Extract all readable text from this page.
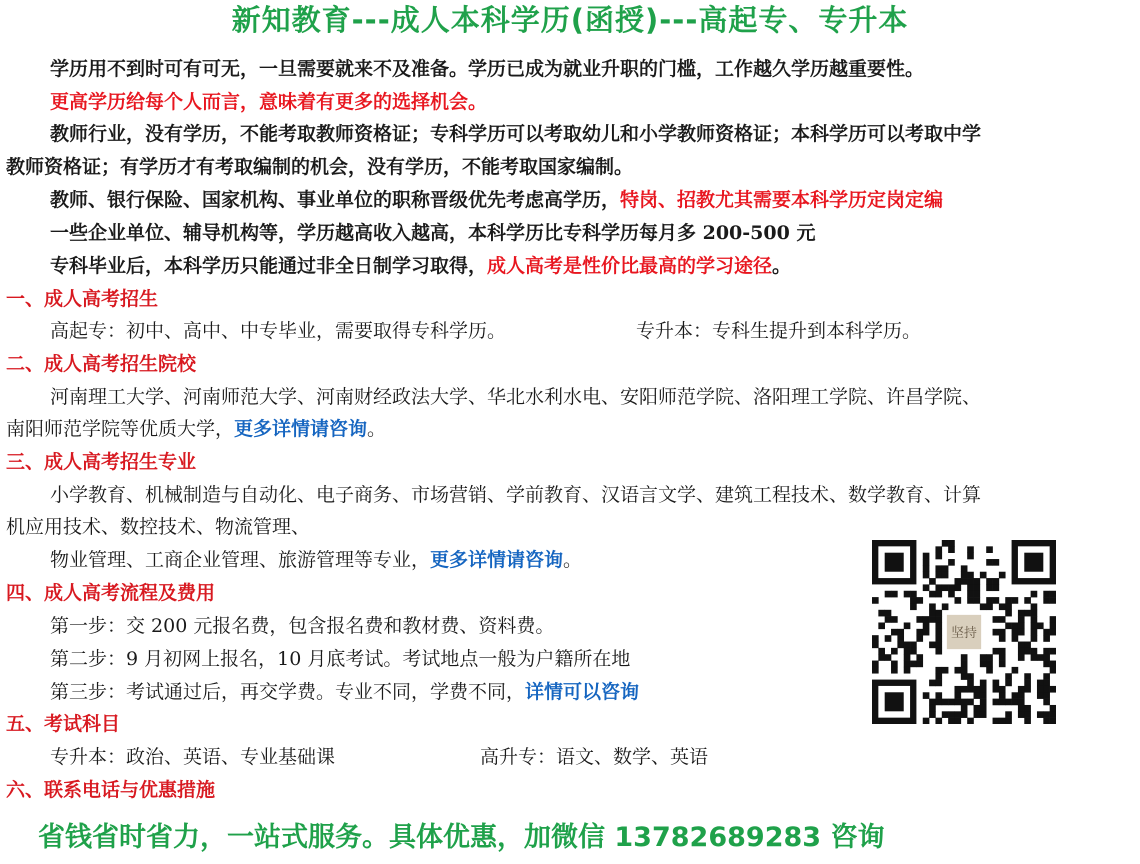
新知教育---成人本科学历(函授)---高起专、专升本
学历用不到时可有可无，一旦需要就来不及准备。学历已成为就业升职的门槛，工作越久学历越重要性。
更高学历给每个人而言，意味着有更多的选择机会。
教师行业，没有学历，不能考取教师资格证；专科学历可以考取幼儿和小学教师资格证；本科学历可以考取中学
教师资格证；有学历才有考取编制的机会，没有学历，不能考取国家编制。
教师、银行保险、国家机构、事业单位的职称晋级优先考虑高学历，特岗、招教尤其需要本科学历定岗定编
一些企业单位、辅导机构等，学历越高收入越高，本科学历比专科学历每月多 200-500 元
专科毕业后，本科学历只能通过非全日制学习取得，成人高考是性价比最高的学习途径。
一、成人高考招生
高起专：初中、高中、中专毕业，需要取得专科学历。	专升本：专科生提升到本科学历。
二、成人高考招生院校
河南理工大学、河南师范大学、河南财经政法大学、华北水利水电、安阳师范学院、洛阳理工学院、许昌学院、
南阳师范学院等优质大学，更多详情请咨询。
三、成人高考招生专业
小学教育、机械制造与自动化、电子商务、市场营销、学前教育、汉语言文学、建筑工程技术、数学教育、计算
机应用技术、数控技术、物流管理、
物业管理、工商企业管理、旅游管理等专业，更多详情请咨询。
四、成人高考流程及费用
第一步：交 200 元报名费，包含报名费和教材费、资料费。
第二步：9 月初网上报名，10 月底考试。考试地点一般为户籍所在地
第三步：考试通过后，再交学费。专业不同，学费不同，详情可以咨询
五、考试科目
专升本：政治、英语、专业基础课	高升专：语文、数学、英语
六、联系电话与优惠措施
省钱省时省力，一站式服务。具体优惠，加微信 13782689283 咨询
坚持
